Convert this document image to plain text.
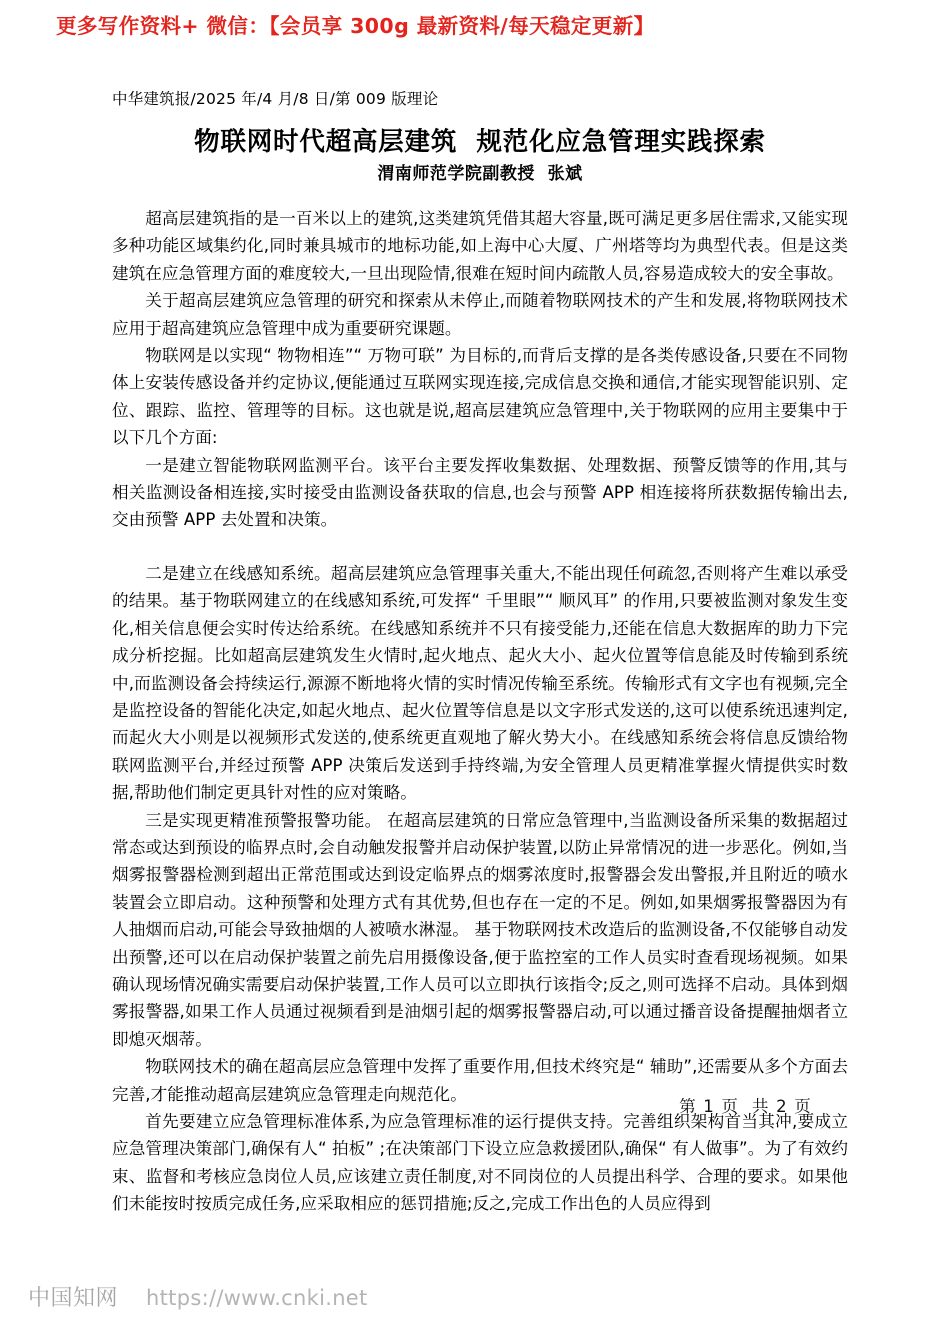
更多写作资料+ 微信：【会员享 300g 最新资料/每天稳定更新】
中华建筑报/2025 年/4 月/8 日/第 009 版理论
物联网时代超高层建筑  规范化应急管理实践探索
渭南师范学院副教授  张斌

超高层建筑指的是一百米以上的建筑,这类建筑凭借其超大容量,既可满足更多居住需求,又能实现多种功能区域集约化,同时兼具城市的地标功能,如上海中心大厦、广州塔等均为典型代表。但是这类建筑在应急管理方面的难度较大,一旦出现险情,很难在短时间内疏散人员,容易造成较大的安全事故。

关于超高层建筑应急管理的研究和探索从未停止,而随着物联网技术的产生和发展,将物联网技术应用于超高建筑应急管理中成为重要研究课题。

物联网是以实现“ 物物相连”“ 万物可联” 为目标的,而背后支撑的是各类传感设备,只要在不同物体上安装传感设备并约定协议,便能通过互联网实现连接,完成信息交换和通信,才能实现智能识别、定位、跟踪、监控、管理等的目标。这也就是说,超高层建筑应急管理中,关于物联网的应用主要集中于以下几个方面:

一是建立智能物联网监测平台。该平台主要发挥收集数据、处理数据、预警反馈等的作用,其与相关监测设备相连接,实时接受由监测设备获取的信息,也会与预警 APP 相连接将所获数据传输出去,交由预警 APP 去处置和决策。

二是建立在线感知系统。超高层建筑应急管理事关重大,不能出现任何疏忽,否则将产生难以承受的结果。基于物联网建立的在线感知系统,可发挥“ 千里眼”“ 顺风耳” 的作用,只要被监测对象发生变化,相关信息便会实时传达给系统。在线感知系统并不只有接受能力,还能在信息大数据库的助力下完成分析挖掘。比如超高层建筑发生火情时,起火地点、起火大小、起火位置等信息能及时传输到系统中,而监测设备会持续运行,源源不断地将火情的实时情况传输至系统。传输形式有文字也有视频,完全是监控设备的智能化决定,如起火地点、起火位置等信息是以文字形式发送的,这可以使系统迅速判定,而起火大小则是以视频形式发送的,使系统更直观地了解火势大小。在线感知系统会将信息反馈给物联网监测平台,并经过预警 APP 决策后发送到手持终端,为安全管理人员更精准掌握火情提供实时数据,帮助他们制定更具针对性的应对策略。

三是实现更精准预警报警功能。 在超高层建筑的日常应急管理中,当监测设备所采集的数据超过常态或达到预设的临界点时,会自动触发报警并启动保护装置,以防止异常情况的进一步恶化。例如,当烟雾报警器检测到超出正常范围或达到设定临界点的烟雾浓度时,报警器会发出警报,并且附近的喷水装置会立即启动。这种预警和处理方式有其优势,但也存在一定的不足。例如,如果烟雾报警器因为有人抽烟而启动,可能会导致抽烟的人被喷水淋湿。 基于物联网技术改造后的监测设备,不仅能够自动发出预警,还可以在启动保护装置之前先启用摄像设备,便于监控室的工作人员实时查看现场视频。如果确认现场情况确实需要启动保护装置,工作人员可以立即执行该指令;反之,则可选择不启动。具体到烟雾报警器,如果工作人员通过视频看到是油烟引起的烟雾报警器启动,可以通过播音设备提醒抽烟者立即熄灭烟蒂。

物联网技术的确在超高层应急管理中发挥了重要作用,但技术终究是“ 辅助”,还需要从多个方面去完善,才能推动超高层建筑应急管理走向规范化。

首先要建立应急管理标准体系,为应急管理标准的运行提供支持。完善组织架构首当其冲,要成立应急管理决策部门,确保有人“ 拍板” ;在决策部门下设立应急救援团队,确保“ 有人做事”。为了有效约束、监督和考核应急岗位人员,应该建立责任制度,对不同岗位的人员提出科学、合理的要求。如果他们未能按时按质完成任务,应采取相应的惩罚措施;反之,完成工作出色的人员应得到

第 1 页  共 2 页
中国知网 https://www.cnki.net
